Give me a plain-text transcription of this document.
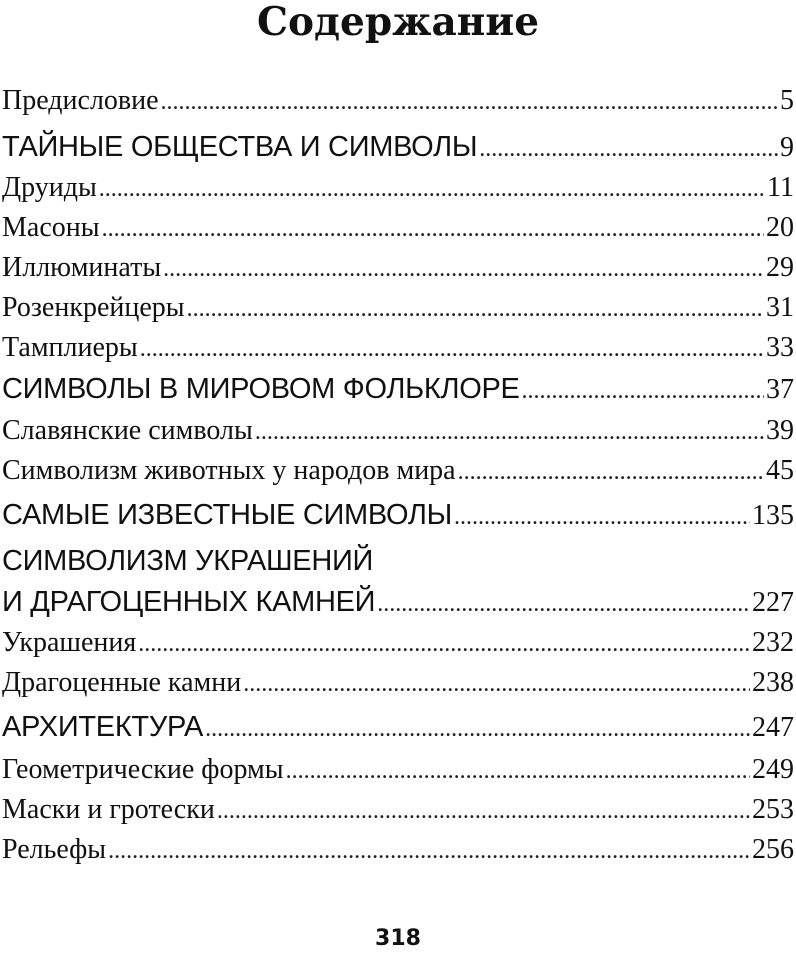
Содержание
Предисловие .....	5
ТАЙНЫЕ ОБЩЕСТВА И СИМВОЛЫ .....	9
Друиды .....	11
Масоны .....	20
Иллюминаты .....	29
Розенкрейцеры .....	31
Тамплиеры .....	33
СИМВОЛЫ В МИРОВОМ ФОЛЬКЛОРЕ .....	37
Славянские символы .....	39
Символизм животных у народов мира .....	45
САМЫЕ ИЗВЕСТНЫЕ СИМВОЛЫ .....	135
СИМВОЛИЗМ УКРАШЕНИЙ
И ДРАГОЦЕННЫХ КАМНЕЙ .....	227
Украшения .....	232
Драгоценные камни .....	238
АРХИТЕКТУРА .....	247
Геометрические формы .....	249
Маски и гротески .....	253
Рельефы .....	256
318
